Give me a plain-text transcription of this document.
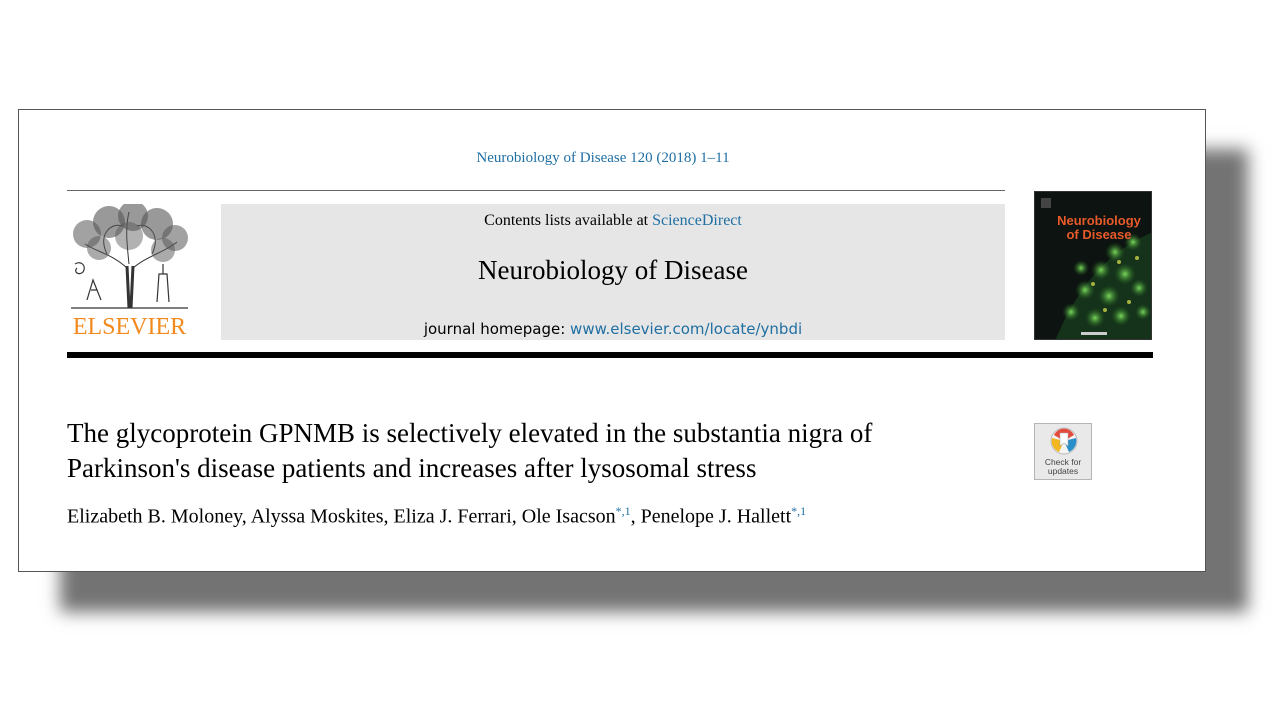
Neurobiology of Disease 120 (2018) 1–11
ELSEVIER
Contents lists available at ScienceDirect
Neurobiology of Disease
journal homepage: www.elsevier.com/locate/ynbdi
Neurobiology
of Disease
The glycoprotein GPNMB is selectively elevated in the substantia nigra of
Parkinson's disease patients and increases after lysosomal stress
Elizabeth B. Moloney, Alyssa Moskites, Eliza J. Ferrari, Ole Isacson$^{*,1}$, Penelope J. Hallett$^{*,1}$
Check for
updates
